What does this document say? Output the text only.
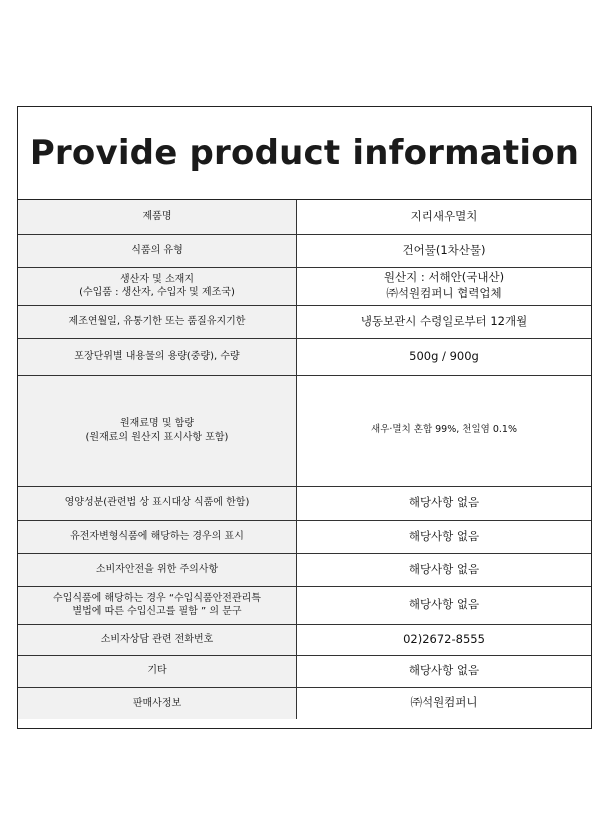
Provide product information
제품명	지리새우멸치

식품의 유형	건어물(1차산물)

생산자 및 소재지
(수입품 : 생산자, 수입자 및 제조국)	원산지 : 서해안(국내산)
㈜석원컴퍼니 협력업체

제조연월일, 유통기한 또는 품질유지기한	냉동보관시 수령일로부터 12개월

포장단위별 내용물의 용량(중량), 수량	500g / 900g

원재료명 및 함량
(원재료의 원산지 표시사항 포함)	새우·멸치 혼합 99%, 천일염 0.1%

영양성분(관련법 상 표시대상 식품에 한함)	해당사항 없음

유전자변형식품에 해당하는 경우의 표시	해당사항 없음

소비자안전을 위한 주의사항	해당사항 없음

수입식품에 해당하는 경우 “수입식품안전관리특
별법에 따른 수입신고를 필함 ” 의 문구	해당사항 없음

소비자상담 관련 전화번호	02)2672-8555

기타	해당사항 없음

판매사정보	㈜석원컴퍼니
